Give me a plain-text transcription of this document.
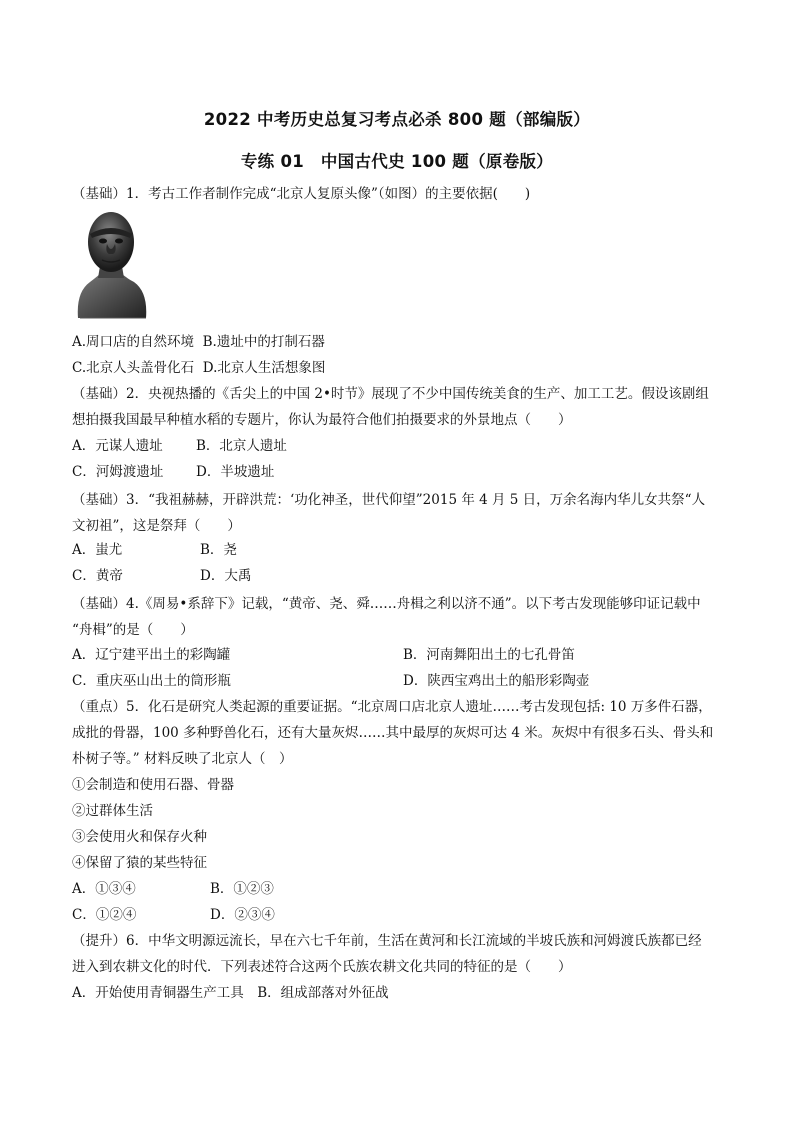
2022 中考历史总复习考点必杀 800 题（部编版）
专练 01　中国古代史 100 题（原卷版）
（基础）1．考古工作者制作完成“北京人复原头像”（如图）的主要依据(　　)
A.周口店的自然环境 B.遗址中的打制石器
C.北京人头盖骨化石 D.北京人生活想象图
（基础）2．央视热播的《舌尖上的中国 2•时节》展现了不少中国传统美食的生产、加工工艺。假设该剧组
想拍摄我国最早种植水稻的专题片，你认为最符合他们拍摄要求的外景地点（　　）
A．元谋人遗址 B．北京人遗址
C．河姆渡遗址 D．半坡遗址
（基础）3．“我祖赫赫，开辟洪荒：‘功化神圣，世代仰望”2015 年 4 月 5 日，万余名海内华儿女共祭“人
文初祖”，这是祭拜（　　）
A．蚩尤	B．尧
C．黄帝	D．大禹
（基础）4.《周易•系辞下》记载，“黄帝、尧、舜……舟楫之利以济不通”。以下考古发现能够印证记载中
“舟楫”的是（　　）
A．辽宁建平出土的彩陶罐	B．河南舞阳出土的七孔骨笛
C．重庆巫山出土的筒形瓶	D．陕西宝鸡出土的船形彩陶壶
（重点）5．化石是研究人类起源的重要证据。“北京周口店北京人遗址……考古发现包括: 10 万多件石器，
成批的骨器，100 多种野兽化石，还有大量灰烬……其中最厚的灰烬可达 4 米。灰烬中有很多石头、骨头和
朴树子等。” 材料反映了北京人（　）
①会制造和使用石器、骨器
②过群体生活
③会使用火和保存火种
④保留了猿的某些特征
A．①③④	B．①②③
C．①②④	D．②③④
（提升）6．中华文明源远流长，早在六七千年前，生活在黄河和长江流域的半坡氏族和河姆渡氏族都已经
进入到农耕文化的时代．下列表述符合这两个氏族农耕文化共同的特征的是（　　）
A．开始使用青铜器生产工具　B．组成部落对外征战
